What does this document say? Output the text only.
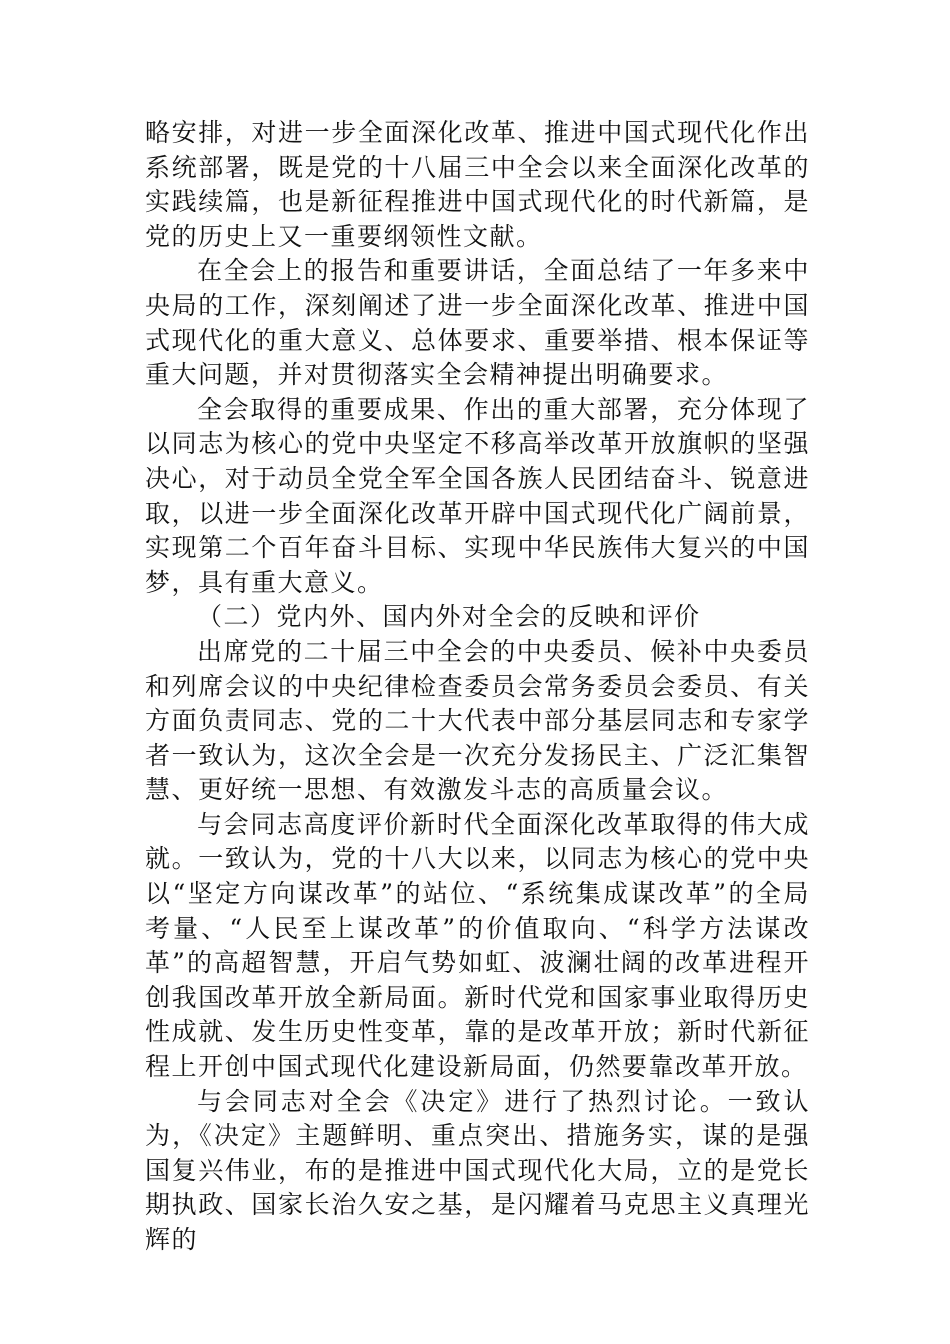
略安排，对进一步全面深化改革、推进中国式现代化作出系统部署，既是党的十八届三中全会以来全面深化改革的实践续篇，也是新征程推进中国式现代化的时代新篇，是党的历史上又一重要纲领性文献。

在全会上的报告和重要讲话，全面总结了一年多来中央局的工作，深刻阐述了进一步全面深化改革、推进中国式现代化的重大意义、总体要求、重要举措、根本保证等重大问题，并对贯彻落实全会精神提出明确要求。

全会取得的重要成果、作出的重大部署，充分体现了以同志为核心的党中央坚定不移高举改革开放旗帜的坚强决心，对于动员全党全军全国各族人民团结奋斗、锐意进取，以进一步全面深化改革开辟中国式现代化广阔前景，实现第二个百年奋斗目标、实现中华民族伟大复兴的中国梦，具有重大意义。

（二）党内外、国内外对全会的反映和评价

出席党的二十届三中全会的中央委员、候补中央委员和列席会议的中央纪律检查委员会常务委员会委员、有关方面负责同志、党的二十大代表中部分基层同志和专家学者一致认为，这次全会是一次充分发扬民主、广泛汇集智慧、更好统一思想、有效激发斗志的高质量会议。

与会同志高度评价新时代全面深化改革取得的伟大成就。一致认为，党的十八大以来，以同志为核心的党中央以“坚定方向谋改革”的站位、“系统集成谋改革”的全局考量、“人民至上谋改革”的价值取向、“科学方法谋改革”的高超智慧，开启气势如虹、波澜壮阔的改革进程开创我国改革开放全新局面。新时代党和国家事业取得历史性成就、发生历史性变革，靠的是改革开放；新时代新征程上开创中国式现代化建设新局面，仍然要靠改革开放。

与会同志对全会《决定》进行了热烈讨论。一致认为，《决定》主题鲜明、重点突出、措施务实，谋的是强国复兴伟业，布的是推进中国式现代化大局，立的是党长期执政、国家长治久安之基，是闪耀着马克思主义真理光辉的
